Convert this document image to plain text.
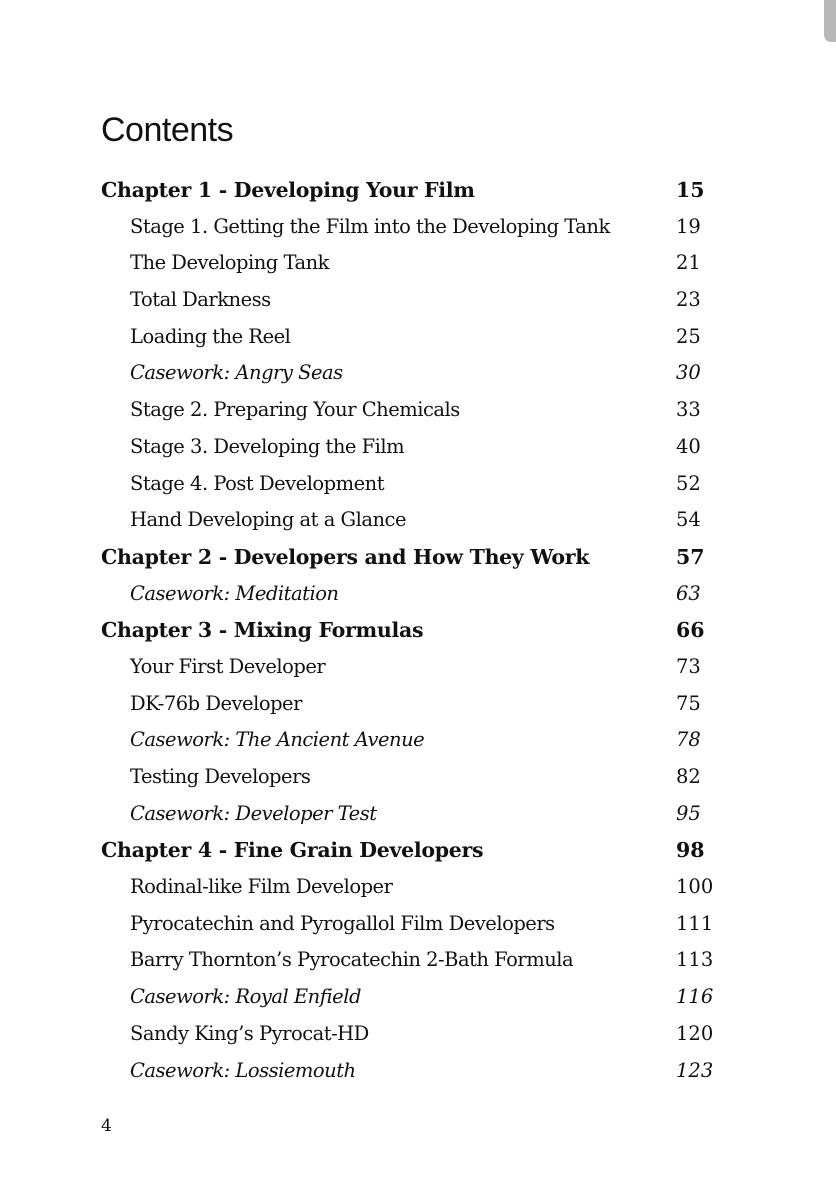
Contents
Chapter 1 - Developing Your Film	15
Stage 1. Getting the Film into the Developing Tank	19
The Developing Tank	21
Total Darkness	23
Loading the Reel	25
Casework: Angry Seas	30
Stage 2. Preparing Your Chemicals	33
Stage 3. Developing the Film	40
Stage 4. Post Development	52
Hand Developing at a Glance	54
Chapter 2 - Developers and How They Work	57
Casework: Meditation	63
Chapter 3 - Mixing Formulas	66
Your First Developer	73
DK-76b Developer	75
Casework: The Ancient Avenue	78
Testing Developers	82
Casework: Developer Test	95
Chapter 4 - Fine Grain Developers	98
Rodinal-like Film Developer	100
Pyrocatechin and Pyrogallol Film Developers	111
Barry Thornton’s Pyrocatechin 2-Bath Formula	113
Casework: Royal Enfield	116
Sandy King’s Pyrocat-HD	120
Casework: Lossiemouth	123
4
